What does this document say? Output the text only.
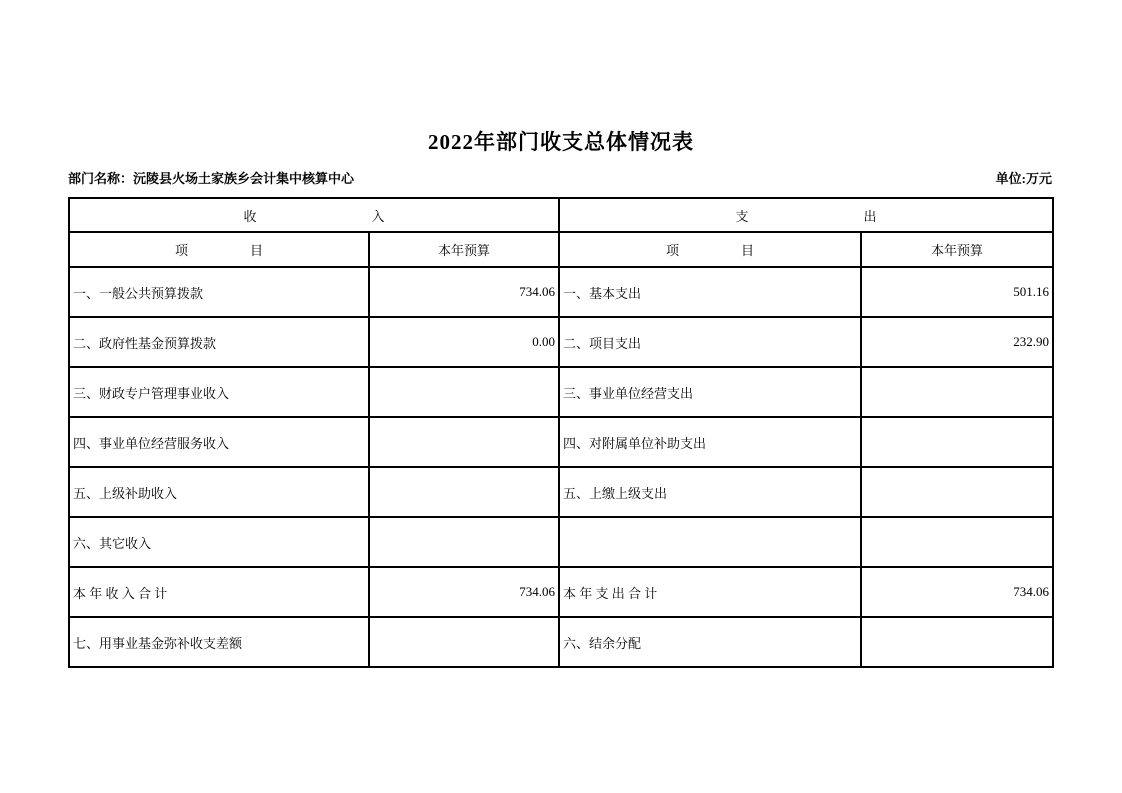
2022年部门收支总体情况表
部门名称：沅陵县火场土家族乡会计集中核算中心	单位:万元
收 入		支 出	

项 目	本年预算	项 目	本年预算
一、一般公共预算拨款	734.06	一、基本支出	501.16
二、政府性基金预算拨款	0.00	二、项目支出	232.90
三、财政专户管理事业收入		三、事业单位经营支出	
四、事业单位经营服务收入		四、对附属单位补助支出	
五、上级补助收入		五、上缴上级支出	
六、其它收入			
本 年 收 入 合 计	734.06	本 年 支 出 合 计	734.06
七、用事业基金弥补收支差额		六、结余分配	
